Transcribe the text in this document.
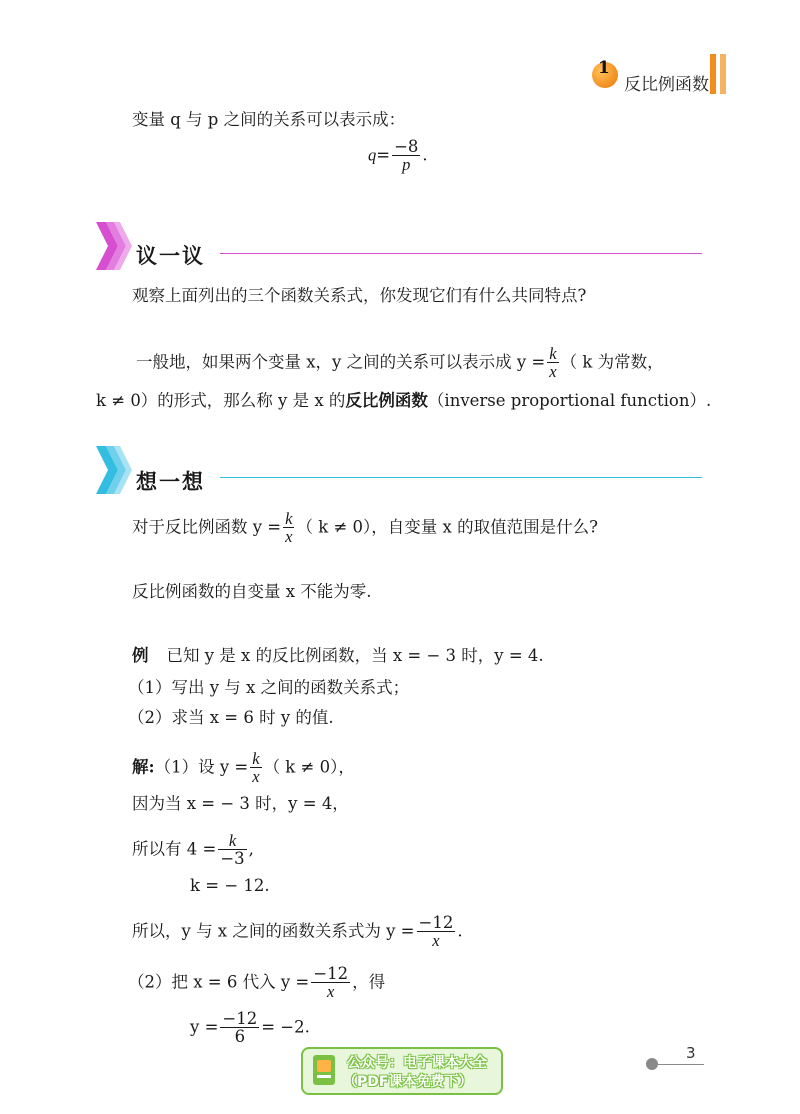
1
反比例函数
变量 q 与 p 之间的关系可以表示成：
$q= \frac{-8}{p}$ .
议一议
观察上面列出的三个函数关系式，你发现它们有什么共同特点?
一般地，如果两个变量 x，y 之间的关系可以表示成 $y = \frac{k}{x}$ （ k 为常数，
k ≠ 0）的形式，那么称 y 是 x 的反比例函数（inverse proportional function）.
想一想
对于反比例函数 $y = \frac{k}{x}$ （ k ≠ 0），自变量 x 的取值范围是什么?
反比例函数的自变量 x 不能为零.
例 已知 y 是 x 的反比例函数，当 x = − 3 时，y = 4.
（1）写出 y 与 x 之间的函数关系式；
（2）求当 x = 6 时 y 的值.
解:（1）设 $y = \frac{k}{x}$ （ k ≠ 0），
因为当 x = − 3 时，y = 4，
所以有 $4 = \frac{k}{-3}$ ,
k = − 12.
所以，y 与 x 之间的函数关系式为 $y = \frac{-12}{x}$ .
（2）把 x = 6 代入 $y = \frac{-12}{x}$ ，得
$y = \frac{-12}{6} = -2$.
公众号：电子课本大全
（PDF课本免费下）
3
